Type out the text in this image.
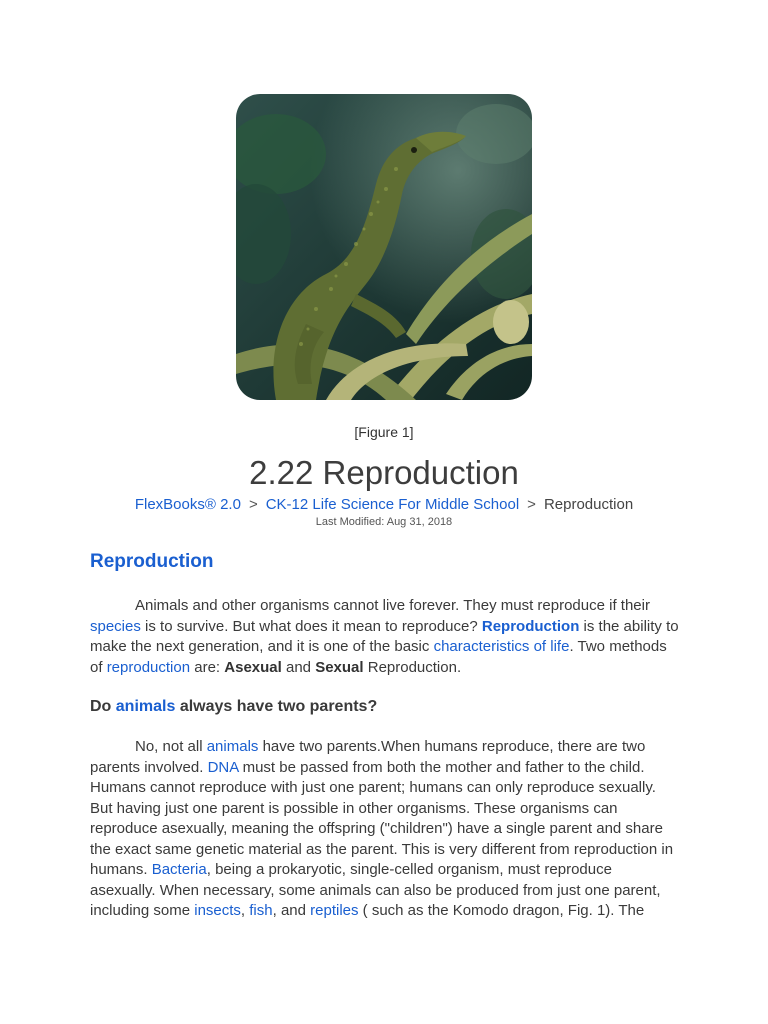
[Figure 1]
2.22 Reproduction
FlexBooks® 2.0 > CK-12 Life Science For Middle School > Reproduction
Last Modified: Aug 31, 2018
Reproduction

Animals and other organisms cannot live forever. They must reproduce if their species is to survive. But what does it mean to reproduce? Reproduction is the ability to make the next generation, and it is one of the basic characteristics of life. Two methods of reproduction are: Asexual and Sexual Reproduction.

Do animals always have two parents?

No, not all animals have two parents.When humans reproduce, there are two parents involved. DNA must be passed from both the mother and father to the child. Humans cannot reproduce with just one parent; humans can only reproduce sexually. But having just one parent is possible in other organisms. These organisms can reproduce asexually, meaning the offspring ("children") have a single parent and share the exact same genetic material as the parent. This is very different from reproduction in humans. Bacteria, being a prokaryotic, single-celled organism, must reproduce asexually. When necessary, some animals can also be produced from just one parent, including some insects, fish, and reptiles ( such as the Komodo dragon, Fig. 1). The
